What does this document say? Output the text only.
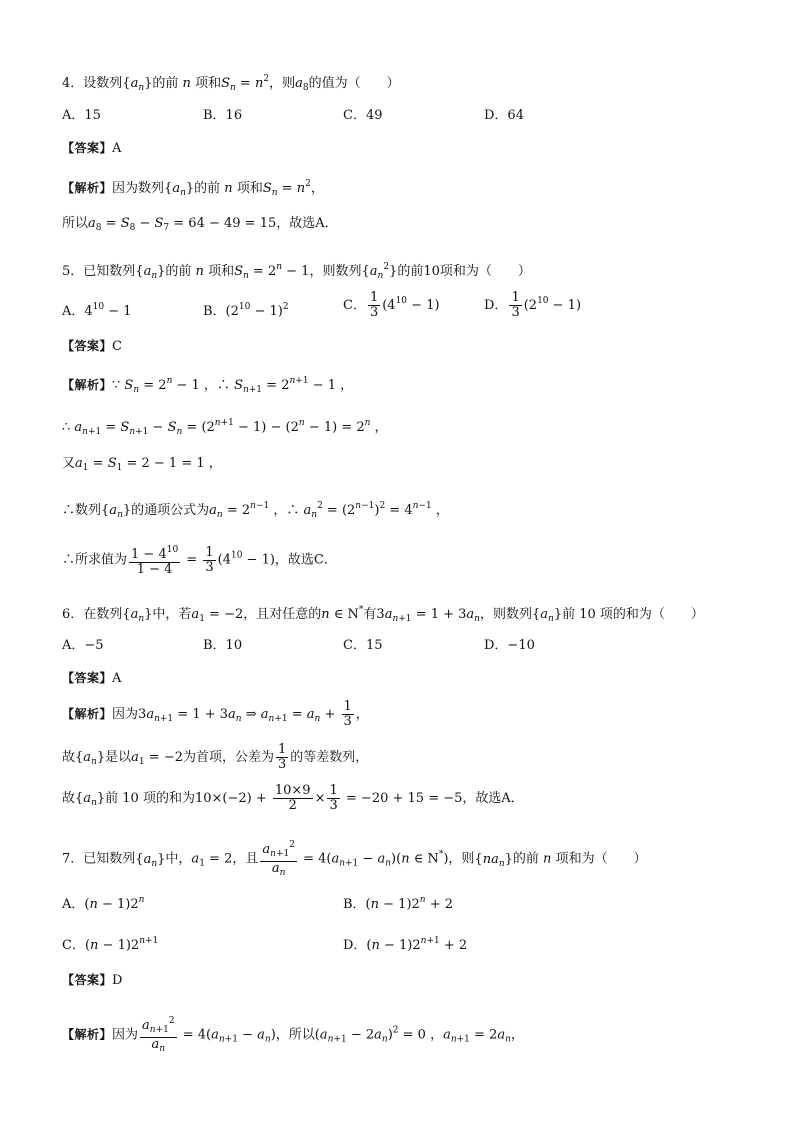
4．设数列$\{a_n\}$的前 n 项和$S_n = n^2$，则$a_8$的值为（　　）
A．15	B．16	C．49	D．64
【答案】A
【解析】因为数列$\{a_n\}$的前 n 项和$S_n = n^2$，
所以$a_8 = S_8 - S_7 = 64 - 49 = 15$，故选A．
5．已知数列$\{a_n\}$的前 n 项和$S_n = 2^n - 1$，则数列$\{a_n^2\}$的前10项和为（　　）
A．$4^{10} - 1$	B．$(2^{10} - 1)^2$	C． $\frac{1}{3} (4^{10} - 1)$	D． $\frac{1}{3} (2^{10} - 1)$
【答案】C
【解析】∵ $S_n = 2^n - 1$ ，∴ $S_{n+1} = 2^{n+1} - 1$ ，
∴ $a_{n+1} = S_{n+1} - S_n = (2^{n+1} - 1) - (2^n - 1) = 2^n$ ，
又$a_1 = S_1 = 2 - 1 = 1$ ，
∴数列$\{a_n\}$的通项公式为$a_n = 2^{n-1}$ ，∴ $a_n^2 = (2^{n-1})^2 = 4^{n-1}$ ，
∴所求值为 $\frac{1 - 4^{10}}{1 - 4} = \frac{1}{3} (4^{10} - 1)$，故选C．
6．在数列$\{a_n\}$中，若$a_1 = -2$，且对任意的n ∈ N*有$3a_{n+1} = 1 + 3a_n$，则数列$\{a_n\}$前 10 项的和为（　　）
A．−5	B．10	C．15	D．−10
【答案】A
【解析】因为$3a_{n+1} = 1 + 3a_n$ ⇒ $a_{n+1} = a_n + \frac{1}{3}$ ，
故$\{a_n\}$是以$a_1 = -2$为首项，公差为 $\frac{1}{3}$ 的等差数列，
故$\{a_n\}$前 10 项的和为$10\times(-2) + \frac{10\times 9}{2} \times \frac{1}{3} = -20 + 15 = -5$，故选A．
7．已知数列$\{a_n\}$中，$a_1 = 2$，且 $\frac{a_{n+1}^2}{a_n} = 4(a_{n+1} - a_n)(n$ ∈ N*)，则$\{na_n\}$的前 n 项和为（　　）
A．$(n - 1)2^n$	B．$(n - 1)2^n + 2$
C．$(n - 1)2^{n+1}$	D．$(n - 1)2^{n+1} + 2$
【答案】D
【解析】因为 $\frac{a_{n+1}^2}{a_n} = 4(a_{n+1} - a_n)$，所以$(a_{n+1} - 2a_n)^2 = 0$ ，$a_{n+1} = 2a_n$，
